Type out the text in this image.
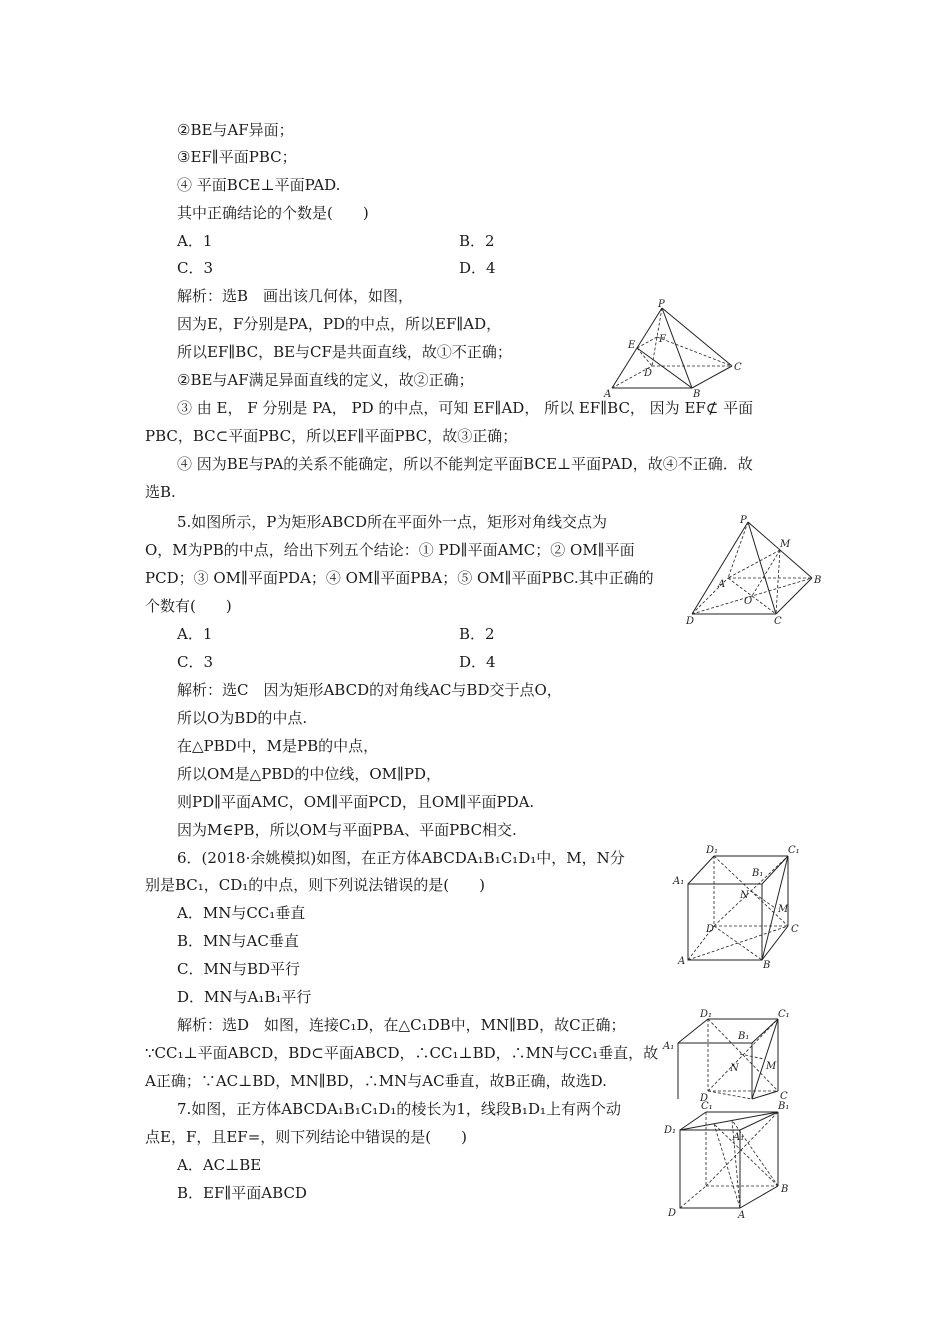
②BE与AF异面；
③EF∥平面PBC；
④ 平面BCE⊥平面PAD.
其中正确结论的个数是(　　)
A．1	B．2
C．3	D．4
解析：选B　画出该几何体，如图，
因为E，F分别是PA，PD的中点，所以EF∥AD，
所以EF∥BC，BE与CF是共面直线，故①不正确；
②BE与AF满足异面直线的定义，故②正确；
③ 由 E， F 分别是 PA， PD 的中点，可知 EF∥AD， 所以 EF∥BC， 因为 EF⊄ 平面
PBC，BC⊂平面PBC，所以EF∥平面PBC，故③正确；
④ 因为BE与PA的关系不能确定，所以不能判定平面BCE⊥平面PAD，故④不正确．故
选B.
5.如图所示，P为矩形ABCD所在平面外一点，矩形对角线交点为
O，M为PB的中点，给出下列五个结论：① PD∥平面AMC；② OM∥平面
PCD；③ OM∥平面PDA；④ OM∥平面PBA；⑤ OM∥平面PBC.其中正确的
个数有(　　)
A．1	B．2
C．3	D．4
解析：选C　因为矩形ABCD的对角线AC与BD交于点O，
所以O为BD的中点.
在△PBD中，M是PB的中点，
所以OM是△PBD的中位线，OM∥PD，
则PD∥平面AMC，OM∥平面PCD，且OM∥平面PDA.
因为M∈PB，所以OM与平面PBA、平面PBC相交.
6．(2018·余姚模拟)如图，在正方体ABCDA₁B₁C₁D₁中，M，N分
别是BC₁，CD₁的中点，则下列说法错误的是(　　)
A．MN与CC₁垂直
B．MN与AC垂直
C．MN与BD平行
D．MN与A₁B₁平行
解析：选D　如图，连接C₁D，在△C₁DB中，MN∥BD，故C正确；
∵CC₁⊥平面ABCD，BD⊂平面ABCD，∴CC₁⊥BD，∴MN与CC₁垂直，故
A正确；∵AC⊥BD，MN∥BD，∴MN与AC垂直，故B正确，故选D.
7.如图，正方体ABCDA₁B₁C₁D₁的棱长为1，线段B₁D₁上有两个动
点E，F，且EF=，则下列结论中错误的是(　　)
A．AC⊥BE
B．EF∥平面ABCD
P
F
E
D
C
A	B
P
M
A	B
O
D	C
D₁	C₁
B₁
A₁
N
M
D	C
A	B
D₁	C₁
B₁
A₁
N	M
D	C
C₁	B₁
D₁
A₁
B
D	A
